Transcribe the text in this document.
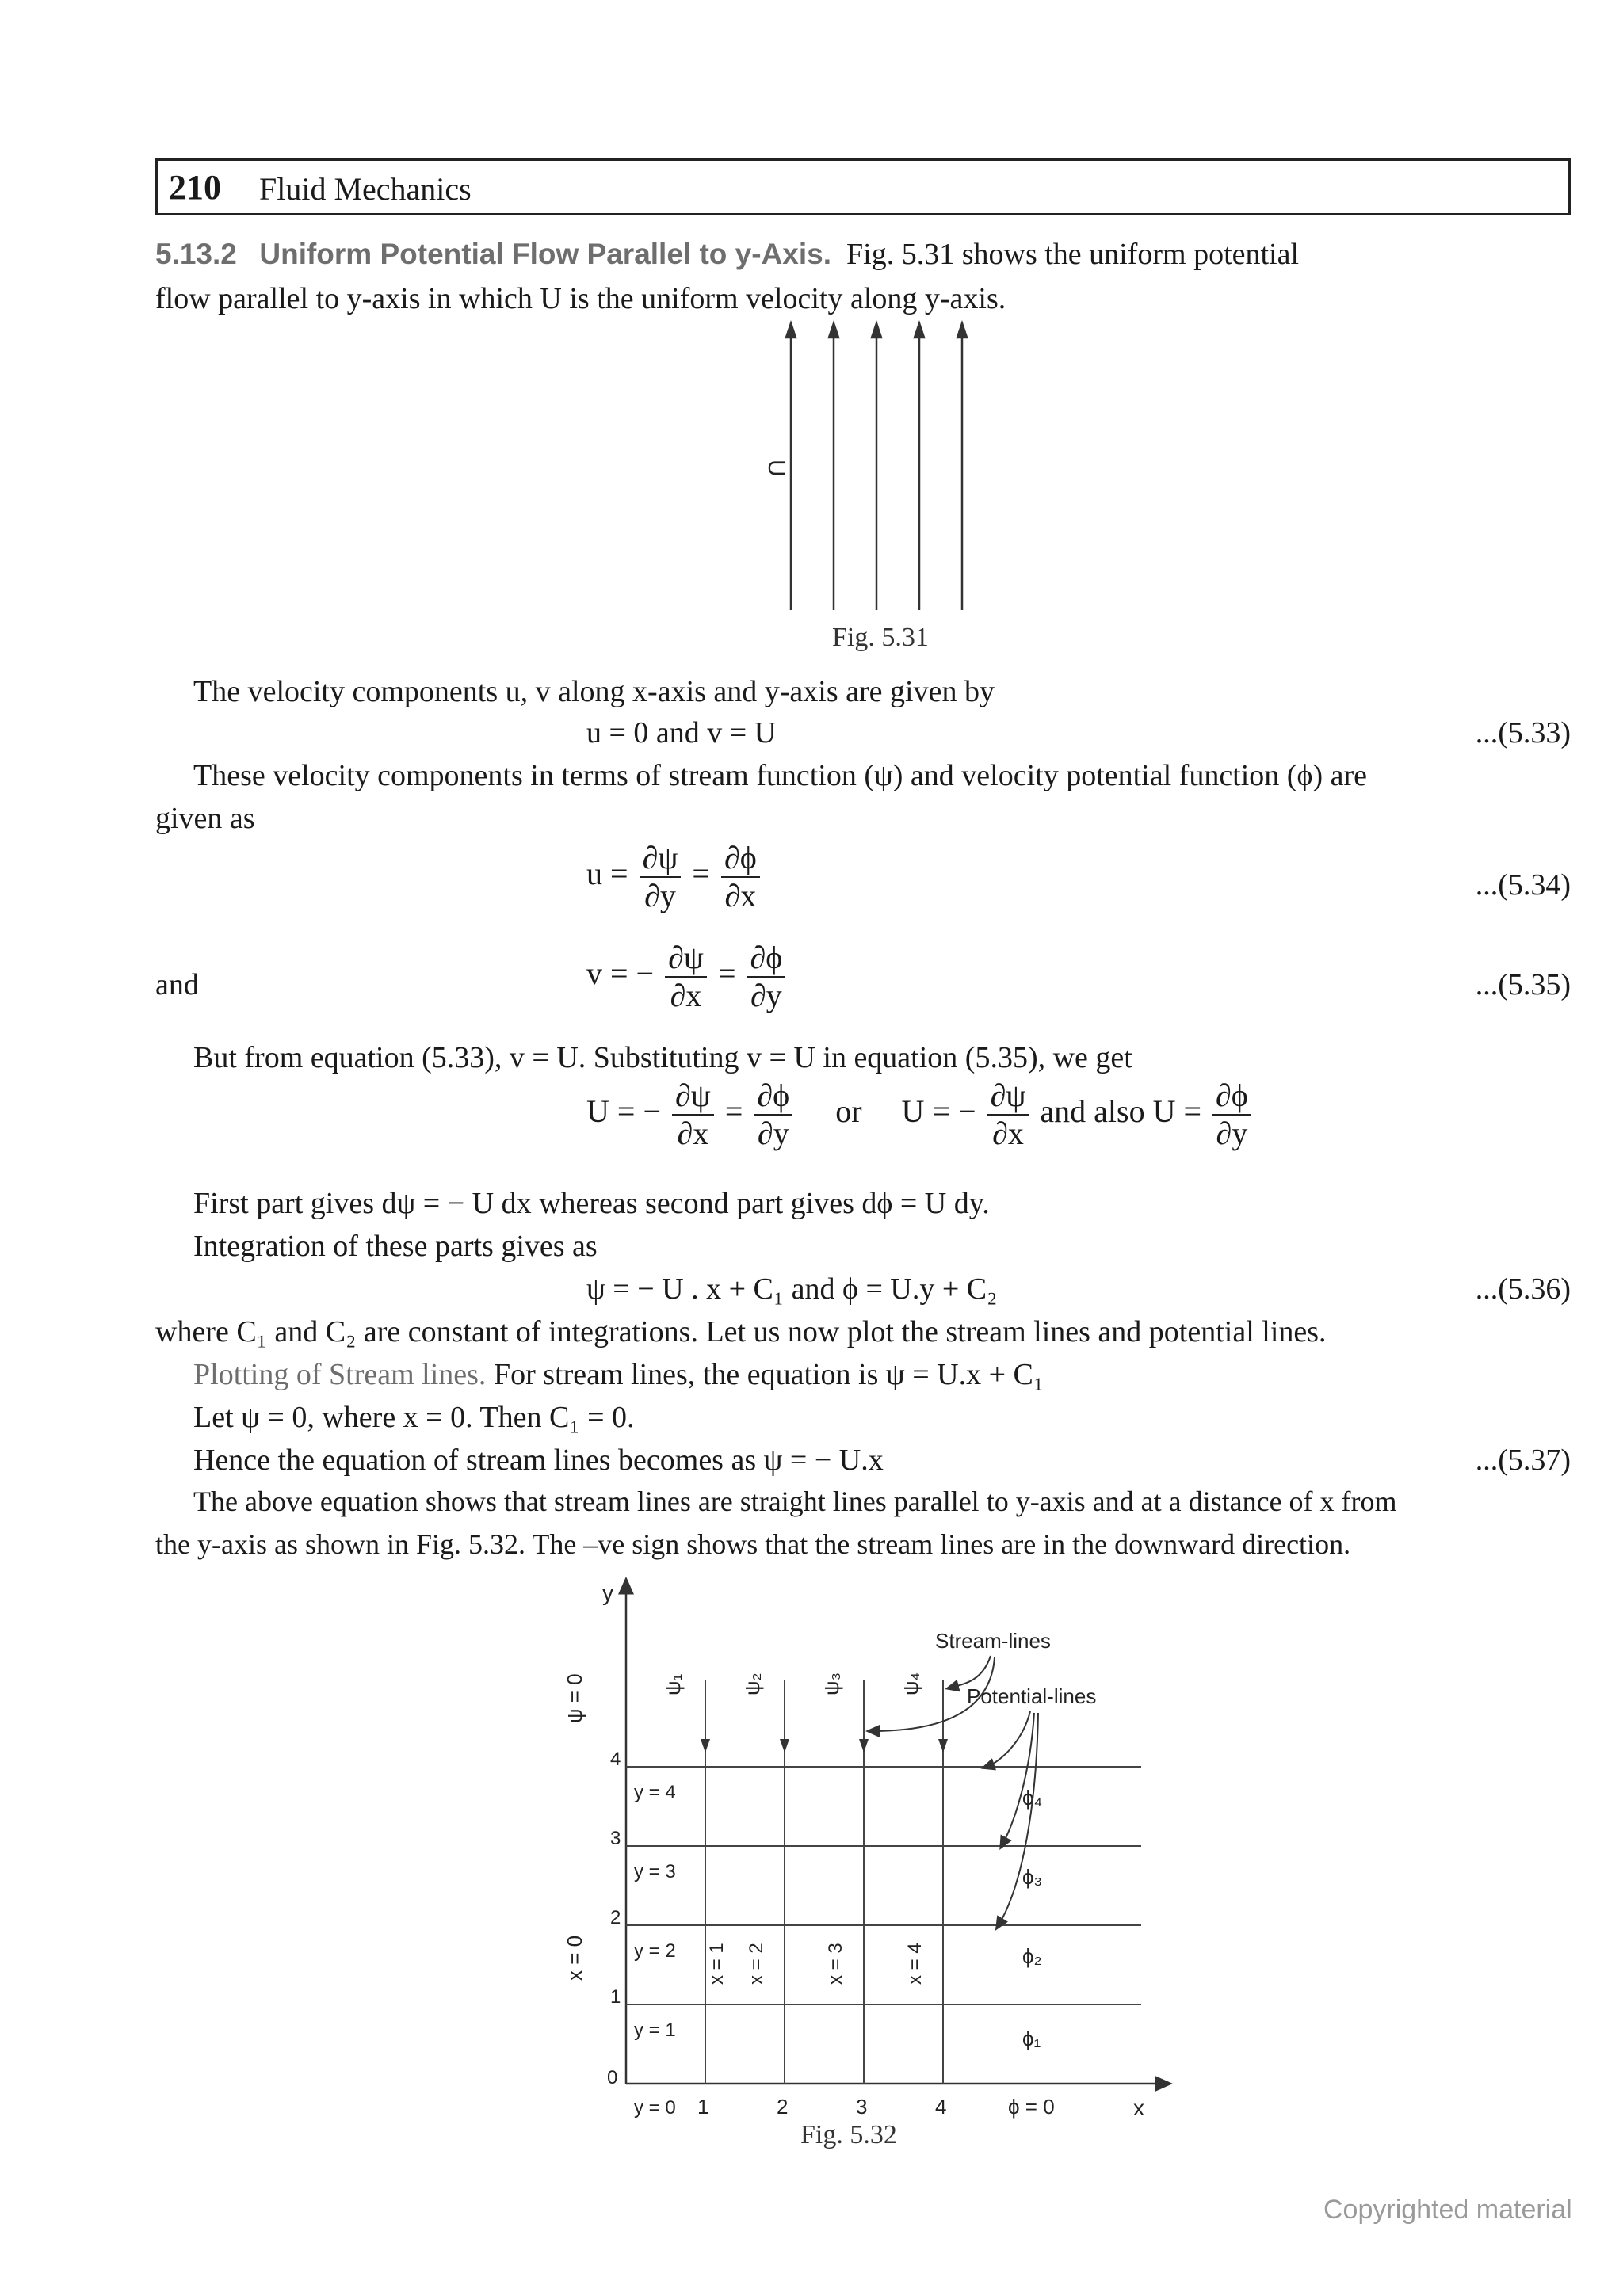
210 Fluid Mechanics
5.13.2 Uniform Potential Flow Parallel to y-Axis. Fig. 5.31 shows the uniform potential
flow parallel to y-axis in which U is the uniform velocity along y-axis.
U
Fig. 5.31
The velocity components u, v along x-axis and y-axis are given by
u = 0 and v = U	...(5.33)
These velocity components in terms of stream function (ψ) and velocity potential function (ϕ) are
given as
$u = \frac{\partial\psi}{\partial y} = \frac{\partial\phi}{\partial x}$	...(5.34)
and	v = − $\frac{\partial\psi}{\partial x} = \frac{\partial\phi}{\partial y}$	...(5.35)
But from equation (5.33), v = U. Substituting v = U in equation (5.35), we get
U = − $\frac{\partial\psi}{\partial x} = \frac{\partial\phi}{\partial y}$ or U = − $\frac{\partial\psi}{\partial x}$ and also $U = \frac{\partial\phi}{\partial y}$
First part gives dψ = − U dx whereas second part gives dϕ = U dy.
Integration of these parts gives as
ψ = − U . x + C₁ and ϕ = U.y + C₂	...(5.36)
where C₁ and C₂ are constant of integrations. Let us now plot the stream lines and potential lines.
Plotting of Stream lines. For stream lines, the equation is ψ = U.x + C₁
Let ψ = 0, where x = 0. Then C₁ = 0.
Hence the equation of stream lines becomes as ψ = − U.x	...(5.37)
The above equation shows that stream lines are straight lines parallel to y-axis and at a distance of x from
the y-axis as shown in Fig. 5.32. The –ve sign shows that the stream lines are in the downward direction.
y
x
ψ = 0
x = 0
ψ₁	ψ₂	ψ₃	ψ₄
x = 1 x = 2	x = 3	x = 4
0
1
2
3
4
y = 0
y = 1
y = 2
y = 3
y = 4
1	2	3	4	ϕ = 0
ϕ₁
ϕ₂
ϕ₃
ϕ₄
Stream-lines
Potential-lines
Fig. 5.32
Copyrighted material
